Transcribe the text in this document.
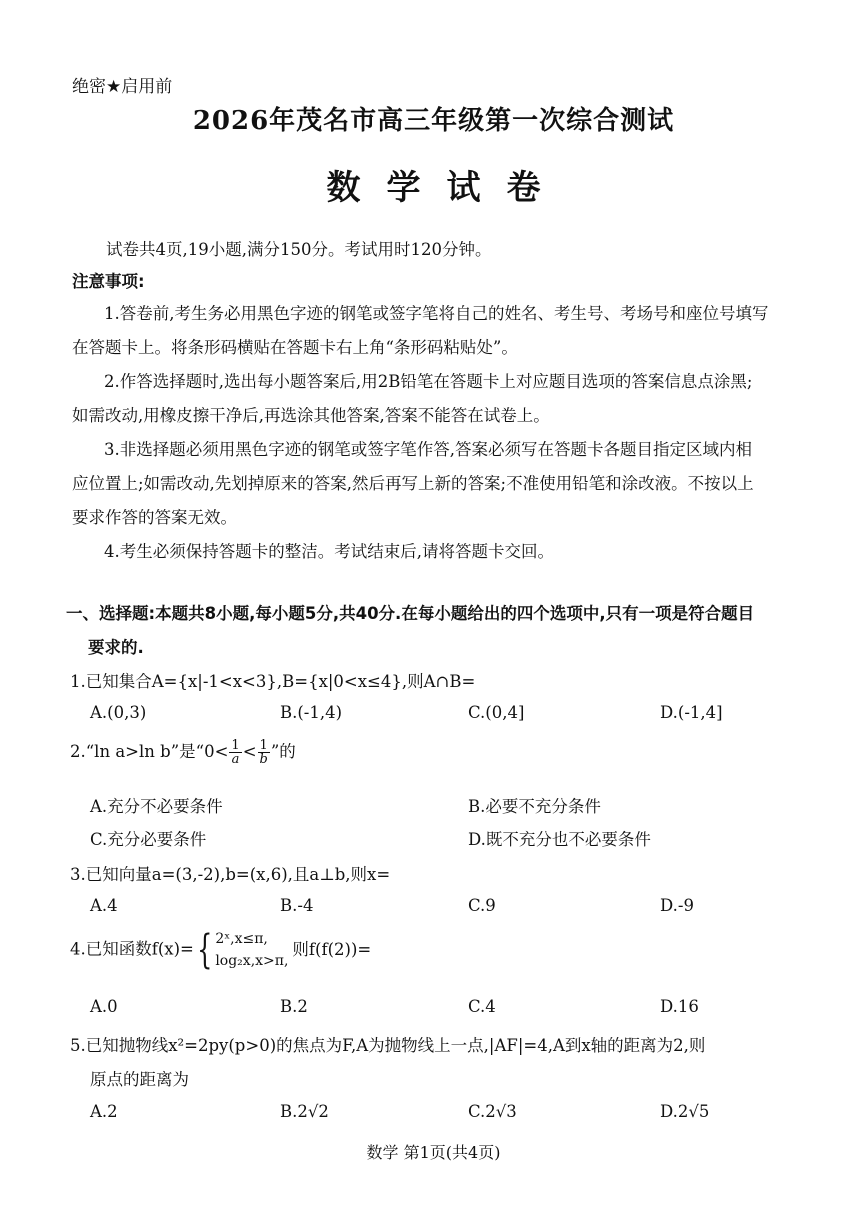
绝密★启用前
2026年茂名市高三年级第一次综合测试
数学试卷
试卷共4页,19小题,满分150分。考试用时120分钟。
注意事项:
1.答卷前,考生务必用黑色字迹的钢笔或签字笔将自己的姓名、考生号、考场号和座位号填写
在答题卡上。将条形码横贴在答题卡右上角“条形码粘贴处”。
2.作答选择题时,选出每小题答案后,用2B铅笔在答题卡上对应题目选项的答案信息点涂黑;
如需改动,用橡皮擦干净后,再选涂其他答案,答案不能答在试卷上。
3.非选择题必须用黑色字迹的钢笔或签字笔作答,答案必须写在答题卡各题目指定区域内相
应位置上;如需改动,先划掉原来的答案,然后再写上新的答案;不准使用铅笔和涂改液。不按以上
要求作答的答案无效。
4.考生必须保持答题卡的整洁。考试结束后,请将答题卡交回。
一、选择题:本题共8小题,每小题5分,共40分.在每小题给出的四个选项中,只有一项是符合题目
要求的.
1.已知集合A={x|-1<x<3},B={x|0<x≤4},则A∩B=
A.(0,3)	B.(-1,4)	C.(0,4]	D.(-1,4]
2.“ln a>ln b”是“$0< \frac{1}{a} < \frac{1}{b}$ ”的
A.充分不必要条件	B.必要不充分条件
C.充分必要条件	D.既不充分也不必要条件
3.已知向量a=(3,-2),b=(x,6),且a⊥b,则x=
A.4	B.-4	C.9	D.-9
4.已知函数f(x)={ 2ˣ,x≤π,
log₂x,x>π,
则f(f(2))=
A.0	B.2	C.4	D.16
5.已知抛物线x²=2py(p>0)的焦点为F,A为抛物线上一点,|AF|=4,A到x轴的距离为2,则
原点的距离为
A.2	B.2√2	C.2√3	D.2√5
数学 第1页(共4页)
